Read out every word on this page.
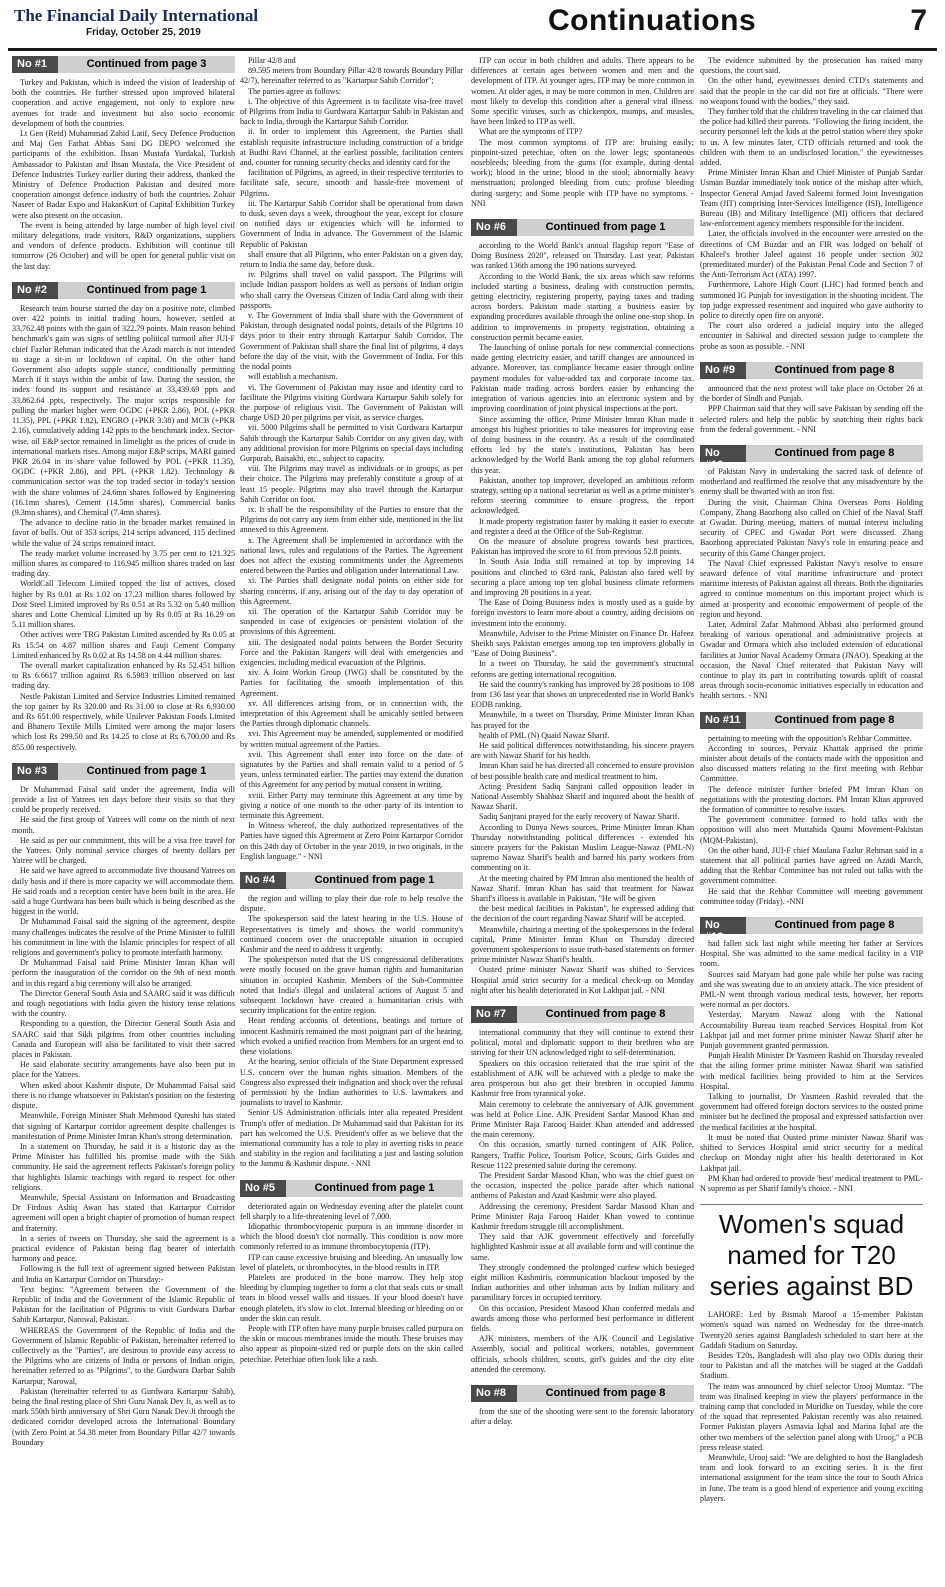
The Financial Daily International
Friday, October 25, 2019	Continuations	7
No #1	Continued from page 3

Turkey and Pakistan, which is indeed the vision of leadership of both the countries. He further stressed upon improved bilateral cooperation and active engagement, not only to explore new avenues for trade and investment but also socio economic development of both the countries.

Lt Gen (Retd) Muhammad Zahid Latif, Secy Defence Production and Maj Gen Farhat Abbas Sani DG DEPO welcomed the participants of the exhibition. Ihsan Mustafa Yurdakal, Turkish Ambassador to Pakistan and Ihsan Mustafa, the Vice President of Defence Industries Turkey earlier during their address, thanked the Ministry of Defence Production Pakistan and desired more cooperation amongst defence industry of both the countries. Zohair Naseer of Badar Expo and HakanKurt of Capital Exhibition Turkey were also present on the occasion.

The event is being attended by large number of high level civil military delegations, trade visitors, R&D organizations, suppliers and vendors of defence products. Exhibition will continue till tomorrow (26 October) and will be open for general public visit on the last day.

No #2	Continued from page 1

Research team bourse started the day on a positive note, climbed over 422 points in initial trading hours, however, settled at 33,762.48 points with the gain of 322.79 points. Main reason behind benchmark's gain was signs of settling political turmoil after JUI-F chief Fazlur Rehman indicated that the Azadi march is not intended to stage a sit-in or lockdown of capital. On the other hand Government also adopts supple stance, conditionally permitting March if it stays within the ambit of law. During the session, the index found its support and resistance at 33,439.69 ppts and 33,862.64 ppts, respectively. The major scrips responsible for pulling the market higher were OGDC (+PKR 2.86), POL (+PKR 11.35), PPL (+PKR 1.82), ENGRO (+PKR 3.38) and MCB (+PKR 2.16), cumulatively adding 142 ppts to the benchmark index. Sector-wise, oil E&P sector remained in limelight as the prices of crude in international markets rises. Among major E&P scrips, MARI gained PKR 26.04 in its share value followed by POL (+PKR 11.35), OGDC (+PKR 2.86), and PPL (+PKR 1.82). Technology & communication sector was the top traded sector in today's session with the share volumes of 24.6mn shares followed by Engineering (16.1mn shares), Cement (14.5mn shares), Commercial banks (9.3mn shares), and Chemical (7.4mn shares).

The advance to decline ratio in the broader market remained in favor of bulls. Out of 353 scrips, 214 scrips advanced, 115 declined while the value of 24 scrips remained intact.

The ready market volume increased by 3.75 per cent to 121.325 million shares as compared to 116.945 million shares traded on last trading day.

WorldCall Telecom Limited topped the list of actives, closed higher by Rs 0.01 at Rs 1.02 on 17.23 million shares followed by Dost Steel Limited improved by Rs 0.51 at Rs 5.32 on 5.40 million shares and Lotte Chemical Limited up by Rs 0.05 at Rs 16.29 on 5.11 million shares.

Other actives were TRG Pakistan Limited ascended by Rs 0.05 at Rs 15.54 on 4.87 million shares and Fauji Cement Company Limited enhanced by Rs 0.02 at Rs 14.58 on 4.44 million shares.

The overall market capitalization enhanced by Rs 52.451 billion to Rs 6.6617 trillion against Rs 6.5983 trillion observed on last trading day.

Nestle Pakistan Limited and Service Industries Limited remained the top gainer by Rs 320.00 and Rs 31.00 to close at Rs 6,930.00 and Rs 651.00 respectively, while Unilever Pakistan Foods Limited and Bhanero Textile Mills Limited were among the major losers which lost Rs 299.50 and Rs 14.25 to close at Rs 6,700.00 and Rs 855.00 respectively.

No #3	Continued from page 1

Dr Muhammad Faisal said under the agreement, India will provide a list of Yatrees ten days before their visits so that they could be properly received.

He said the first group of Yatrees will come on the ninth of next month.

He said as per our commitment, this will be a visa free travel for the Yatrees. Only nominal service charges of twenty dollars per Yatree will be charged.

He said we have agreed to accommodate five thousand Yatrees on daily basis and if there is more capacity we will accommodate them. He said roads and a reception center have been built in the area. He said a huge Gurdwara has been built which is being described as the biggest in the world.

Dr Muhammad Faisal said the signing of the agreement, despite many challenges indicates the resolve of the Prime Minister to fulfill his commitment in line with the Islamic principles for respect of all religions and government's policy to promote interfaith harmony.

Dr Muhammad Faisal said Prime Minister Imran Khan will perform the inauguration of the corridor on the 9th of next month and in this regard a big ceremony will also be arranged.

The Director General South Asia and SAARC said it was difficult and tough negotiations with India given the history tense relations with the country.

Responding to a question, the Director General South Asia and SAARC said that Sikh pilgrims from other countries including Canada and European will also be facilitated to visit their sacred places in Pakistan.

He said elaborate security arrangements have also been put in place for the Yatrees.

When asked about Kashmir dispute, Dr Muhammad Faisal said there is no change whatsoever in Pakistan's position on the festering dispute.

Meanwhile, Foreign Minister Shah Mehmood Qureshi has stated that signing of Kartarpur corridor agreement despite challenges is manifestation of Prime Minister Imran Khan's strong determination.

In a statement on Thursday, he said it is a historic day as the Prime Minister has fulfilled his promise made with the Sikh community. He said the agreement reflects Pakistan's foreign policy that highlights Islamic teachings with regard to respect for other religions.

Meanwhile, Special Assistant on Information and Broadcasting Dr Firdous Ashiq Awan has stated that Kartarpur Corridor agreement will open a bright chapter of promotion of human respect and fraternity.

In a series of tweets on Thursday, she said the agreement is a practical evidence of Pakistan being flag bearer of interfaith harmony and peace.

Following is the full text of agreement signed between Pakistan and India on Kartarpur Corridor on Thursday:-

Text begins: "Agreement between the Government of the Republic of India and the Government of the Islamic Republic of Pakistan for the facilitation of Pilgrims to visit Gurdwara Darbar Sahib Kartarpur, Narowal, Pakistan.

WHEREAS the Government of the Republic of India and the Government of Islamic Republic of Pakistan, hereinafter referred to collectively as the "Parties", are desirous to provide easy access to the Pilgrims who are citizens of India or persons of Indian origin, hereinafter referred to as "Pilgrims", to the Gurdwara Darbar Sahib Kartarpur, Narowal,

Pakistan (hereinafter referred to as Gurdwara Kartarpur Sahib), being the final resting place of Shri Guru Nanak Dev Ji, as well as to mark 550th birth anniversary of Shri Guru Nanak Dev Ji through the dedicated corridor developed across the International Boundary (with Zero Point at 54.38 meter from Boundary Pillar 42/7 towards Boundary

Pillar 42/8 and

89.595 meters from Boundary Pillar 42/8 towards Boundary Pillar 42/7), hereinafter referred to as "Kartarpur Sahib Corridor";

The parties agree as follows:

i. The objective of this Agreement is to facilitate visa-free travel of Pilgrims from India to Gurdwara Kartarpur Sahib in Pakistan and back to India, through the Kartarpur Sahib Corridor.

ii. In order to implement this Agreement, the Parties shall establish requisite infrastructure including construction of a bridge at Budhi Ravi Channel, at the earliest possible, facilitation centers and, counter for running security checks and identity card for the

facilitation of Pilgrims, as agreed, in their respective territories to facilitate safe, secure, smooth and hassle-free movement of Pilgrims.

iii. The Kartarpur Sahib Corridor shall be operational from dawn to dusk, seven days a week, throughout the year, except for closure on notified days or exigencies which will be informed to Government of India in advance. The Government of the Islamic Republic of Pakistan

shall ensure that all Pilgrims, who enter Pakistan on a given day, return to India the same day, before dusk.

iv. Pilgrims shall travel on valid passport. The Pilgrims will include Indian passport holders as well as persons of Indian origin who shall carry the Overseas Citizen of India Card along with their passports.

v. The Government of India shall share with the Government of Pakistan, through designated nodal points, details of the Pilgrims 10 days prior to their entry through Kartarpur Sahib Corridor. The Government of Pakistan shall share the final list of pilgrims, 4 days before the day of the visit, with the Government of India. For this the nodal points

will establish a mechanism.

vi. The Government of Pakistan may issue and identity card to facilitate the Pilgrims visiting Gurdwara Kartarpur Sahib solely for the purpose of religious visit. The Government of Pakistan will charge USD 20 per pilgrims per visit, as service charges.

vii. 5000 Pilgrims shall be permitted to visit Gurdwara Kartarpur Sahib through the Kartarpur Sahib Corridor on any given day, with any additional provision for more Pilgrims on special days including Gurpurab, Baisakhi, etc., subject to capacity.

viii. The Pilgrims may travel as individuals or in groups, as per their choice. The Pilgrims may preferably constitute a group of at least 15 people. Pilgrims may also travel through the Kartarpur Sahib Corridor on foot.

ix. It shall be the responsibility of the Parties to ensure that the Pilgrims do not carry any item from either side, mentioned in the list annexed to this Agreement.

x. The Agreement shall be implemented in accordance with the national laws, rules and regulations of the Parties. The Agreement does not affect the existing commitments under the Agreements entered between the Parties and obligation under International Law.

xi. The Parties shall designate nodal points on either side for sharing concerns, if any, arising out of the day to day operation of this Agreement.

xii. The operation of the Kartarpur Sahib Corridor may be suspended in case of exigencies or persistent violation of the provisions of this Agreement.

xiii. The designated nodal points between the Border Security Force and the Pakistan Rangers will deal with emergencies and exigencies, including medical evacuation of the Pilgrims.

xiv. A Joint Workin Group (JWG) shall be constituted by the Parties for facilitating the smooth implementation of this Agreement.

xv. All differences arising from, or in connection with, the interpretation of this Agreement shall be amicably settled between the Parties through diplomatic channels.

xvi. This Agreement may be amended, supplemented or modified by written mutual agreement of the Parties.

xvii. This Agreement shall enter into force on the date of signatures by the Parties and shall remain valid to a period of 5 years, unless terminated earlier. The parties may extend the duration of this Agreement for any period by mutual consent in writing.

xviii. Either Party may terminate this Agreement at any time by giving a notice of one month to the other party of its intention to terminate this Agreement.

In Witness whereof, the duly authorized representatives of the Parties have signed this Agreement at Zero Point Kartarpur Corridor on this 24th day of October in the year 2019, in two originals, in the English language." - NNI

No #4	Continued from page 1

the region and willing to play their due role to help resolve the dispute.

The spokesperson said the latest hearing in the U.S. House of Representatives is timely and shows the world community's continued concern over the unacceptable situation in occupied Kashmir and the need to address it urgently.

The spokesperson noted that the US congressional deliberations were mostly focused on the grave human rights and humanitarian situation in occupied Kashmir. Members of the Sub-Committee noted that India's illegal and unilateral actions of August 5 and subsequent lockdown have created a humanitarian crisis with security implications for the entire region.

Heart rending accounts of detentions, beatings and torture of innocent Kashmiris remained the most poignant part of the hearing, which evoked a unified reaction from Members for an urgent end to these violations.

At the hearing, senior officials of the State Department expressed U.S. concern over the human rights situation. Members of the Congress also expressed their indignation and shock over the refusal of permission by the Indian authorities to U.S. lawmakers and journalists to travel to Kashmir.

Senior US Administration officials inter alia repeated President Trump's offer of mediation. Dr Muhammad said that Pakistan for its part has welcomed the U.S. President's offer as we believe that the international community has a role to play in averting risks to peace and stability in the region and facilitating a just and lasting solution to the Jammu & Kashmir dispute. - NNI

No #5	Continued from page 1

deteriorated again on Wednesday evening after the platelet count fell sharply to a life-threatening level of 7,000.

Idiopathic thrombocytopenic purpura is an immune disorder in which the blood doesn't clot normally. This condition is now more commonly referred to as immune thrombocytopenia (ITP).

ITP can cause excessive bruising and bleeding. An unusually low level of platelets, or thrombocytes, in the blood results in ITP.

Platelets are produced in the bone marrow. They help stop bleeding by clumping together to form a clot that seals cuts or small tears in blood vessel walls and tissues. If your blood doesn't have enough platelets, it's slow to clot. Internal bleeding or bleeding on or under the skin can result.

People with ITP often have many purple bruises called purpura on the skin or mucous membranes inside the mouth. These bruises may also appear as pinpoint-sized red or purple dots on the skin called petechiae. Petechiae often look like a rash.

ITP can occur in both children and adults. There appears to be differences at certain ages between women and men and the development of ITP. At younger ages, ITP may be more common in women. At older ages, it may be more common in men. Children are most likely to develop this condition after a general viral illness. Some specific viruses, such as chickenpox, mumps, and measles, have been linked to ITP as well.

What are the symptoms of ITP?

The most common symptoms of ITP are: bruising easily; pinpoint-sized petechiae, often on the lower legs; spontaneous nosebleeds; bleeding from the gums (for example, during dental work); blood in the urine; blood in the stool; abnormally heavy menstruation; prolonged bleeding from cuts; profuse bleeding during surgery; and Some people with ITP have no symptoms. - NNI

No #6	Continued from page 1

according to the World Bank's annual flagship report "Ease of Doing Business 2020", released on Thursday. Last year, Pakistan was ranked 136th among the 190 nations surveyed.

According to the World Bank, the six areas which saw reforms included starting a business, dealing with construction permits, getting electricity, registering property, paying taxes and trading across borders. Pakistan made starting a business easier by expanding procedures available through the online one-stop shop. In addition to improvements in property registration, obtaining a construction permit became easier.

The launching of online portals for new commercial connections made getting electricity easier, and tariff changes are announced in advance. Moreover, tax compliance became easier through online payment modules for value-added tax and corporate income tax. Pakistan made trading across borders easier by enhancing the integration of various agencies into an electronic system and by improving coordination of joint physical inspections at the port.

Since assuming the office, Prime Minister Imran Khan made it amongst his highest priorities to take measures for improving ease of doing business in the country. As a result of the coordinated efforts led by the state's institutions, Pakistan has been acknowledged by the World Bank among the top global reformers this year.

Pakistan, another top improver, developed an ambitious reform strategy, setting up a national secretariat as well as a prime minister's reform steering committee to ensure progress, the report acknowledged.

It made property registration faster by making it easier to execute and register a deed at the Office of the Sub-Registrar.

On the measure of absolute progress towards best practices, Pakistan has improved the score to 61 from previous 52.8 points.

In South Asia India still remained at top by improving 14 positions and clinched to 63rd rank, Pakistan also fared well by securing a place among top ten global business climate reformers and improving 28 positions in a year.

The Ease of Doing Business index is mostly used as a guide by foreign investors to learn more about a country, aiding decisions on investment into the economy.

Meanwhile, Adviser to the Prime Minister on Finance Dr. Hafeez Sheikh says Pakistan emerges among top ten improvers globally in "Ease of Doing Business".

In a tweet on Thursday, he said the government's structural reforms are getting international recognition.

He said the country's ranking has improved by 28 positions to 108 from 136 last year that shows an unprecedented rise in World Bank's EODB ranking.

Meanwhile, in a tweet on Thursday, Prime Minister Imran Khan has prayed for the

health of PML (N) Quaid Nawaz Sharif.

He said political differences notwithstanding, his sincere prayers are with Nawaz Sharif for his health.

Imran Khan said he has directed all concerned to ensure provision of best possible health care and medical treatment to him.

Acting President Sadiq Sanjrani called opposition leader in National Assembly Shahbaz Sharif and inquired about the health of Nawaz Sharif.

Sadiq Sanjrani prayed for the early recovery of Nawaz Sharif.

According to Dunya News sources, Prime Minister Imran Khan Thursday notwithstanding political differences - extended his sincere prayers for the Pakistan Muslim League-Nawaz (PML-N) supremo Nawaz Sharif's health and barred his party workers from commenting on it.

At the meeting chaired by PM Imran also mentioned the health of Nawaz Sharif. Imran Khan has said that treatment for Nawaz Sharif's illness is available in Pakistan. "He will be given

the best medical facilities in Pakistan", he expressed adding that the decision of the court regarding Nawaz Sharif will be accepted.

Meanwhile, chairing a meeting of the spokespersons in the federal capital, Prime Minister Imran Khan on Thursday directed government spokespersons to issue truth-based statements on former prime minister Nawaz Sharif's health.

Ousted prime minister Nawaz Sharif was shifted to Services Hospital amid strict security for a medical check-up on Monday night after his health deteriorated in Kot Lakhpat jail. - NNI

No #7	Continued from page 8

international community that they will continue to extend their political, moral and diplomatic support to their brethren who are striving for their UN acknowledged right to self-determination.

Speakers on this occasion reiterated that the true spirit of the establishment of AJK will be achieved with a pledge to make the area prosperous but also get their brethren in occupied Jammu Kashmir free from tyrannical yoke.

Main ceremony to celebrate the anniversary of AJK government was held at Police Line. AJK President Sardar Masood Khan and Prime Minister Raja Farooq Haider Khan attended and addressed the main ceremony.

On this occasion, smartly turned contingent of AJK Police, Rangers, Traffic Police, Tourism Police, Scouts, Girls Guides and Rescue 1122 presented salute during the ceremony.

The President Sardar Masood Khan, who was the chief guest on the occasion, inspected the police parade after which national anthems of Pakistan and Azad Kashmir were also played.

Addressing the ceremony, President Sardar Masood Khan and Prime Minister Raja Farooq Haider Khan vowed to continue Kashmir freedom struggle till accomplishment.

They said that AJK government effectively and forcefully highlighted Kashmir issue at all available form and will continue the same.

They strongly condemned the prolonged curfew which besieged eight million Kashmiris, communication blackout imposed by the Indian authorities and other inhuman acts by Indian military and paramilitary forces in occupied territory.

On this occasion, President Masood Khan conferred medals and awards among those who performed best performance in different fields.

AJK ministers, members of the AJK Council and Legislative Assembly, social and political workers, notables, government officials, schools children, scouts, girl's guides and the city elite attended the ceremony.

No #8	Continued from page 8

from the site of the shooting were sent to the forensic laboratory after a delay.

The evidence submitted by the prosecution has raised many questions, the court said.

On the other hand, eyewitnesses denied CTD's statements and said that the people in the car did not fire at officials. "There were no weapons found with the bodies," they said.

They further told that the children traveling in the car claimed that the police had killed their parents. "Following the firing incident, the security personnel left the kids at the petrol station where they spoke to us. A few minutes later, CTD officials returned and took the children with them to an undisclosed location," the eyewitnesses added.

Prime Minister Imran Khan and Chief Minister of Punjab Sardar Usman Buzdar immediately took notice of the mishap after which, Inspector General Amjad Javed Saleemi formed Joint Investigation Team (JIT) comprising Inter-Services Intelligence (ISI), Intelligence Bureau (IB) and Military Intelligence (MI) officers that declared law-enforcement agency members responsible for the incident.

Later, the officials involved in the encounter were arrested on the directions of CM Buzdar and an FIR was lodged on behalf of Khaleel's brother Jaleel against 16 people under section 302 (premeditated murder) of the Pakistan Penal Code and Section 7 of the Anti-Terrorism Act (ATA) 1997.

Furthermore, Lahore High Court (LHC) had formed bench and summoned IG Punjab for investigation in the shooting incident. The top judge expressed resentment and inquired who gave authority to police to directly open fire on anyone.

The court also ordered a judicial inquiry into the alleged encounter in Sahiwal and directed session judge to complete the probe as soon as possible. - NNI

No #9	Continued from page 8

announced that the next protest will take place on October 26 at the border of Sindh and Punjab.

PPP Chairman said that they will save Pakistan by sending off the selected rulers and help the public by snatching their rights back from the federal government. - NNI

No #10
Continued from page 8

of Pakistan Navy in undertaking the sacred task of defence of motherland and reaffirmed the resolve that any misadventure by the enemy shall be thwarted with an iron fist.

During the visit, Chairman China Overseas Ports Holding Company, Zhang Baozhong also called on Chief of the Naval Staff at Gwadar. During meeting, matters of mutual interest including security of CPEC and Gwadar Port were discussed. Zhang Baozhong appreciated Pakistan Navy's role in ensuring peace and security of this Game Changer project.

The Naval Chief expressed Pakistan Navy's resolve to ensure seaward defence of vital maritime infrastructure and protect maritime interests of Pakistan against all threats. Both the dignitaries agreed to continue momentum on this important project which is aimed at prosperity and economic empowerment of people of the region and beyond.

Later, Admiral Zafar Mahmood Abbasi also performed ground breaking of various operational and administrative projects at Gwadar and Ormara which also included extension of educational facilities at Junior Naval Academy Ormara (JNAO). Speaking at the occasion, the Naval Chief reiterated that Pakistan Navy will continue to play its part in contributing towards uplift of coastal areas through socio-economic initiatives especially in education and health sectors. - NNI

No #11	Continued from page 8

pertaining to meeting with the opposition's Rehbar Committee.

According to sources, Pervaiz Khattak apprised the prime minister about details of the contacts made with the opposition and also discussed matters relating to the first meeting with Rehbar Committee.

The defence minister further briefed PM Imran Khan on negotiations with the protesting doctors. PM Imran Khan approved the formation of committee to resolve issues.

The government committee formed to hold talks with the opposition will also meet Muttahida Qaumi Movement-Pakistan (MQM-Pakistan).

On the other hand, JUI-F chief Maulana Fazlur Rehman said in a statement that all political parties have agreed on Azadi March, adding that the Rehbar Committee has not ruled out talks with the government committee.

He said that the Rehbar Committee will meeting government committee today (Friday). -NNI

No #12
Continued from page 8

had fallen sick last night while meeting her father at Services Hospital. She was admitted to the same medical facility in a VIP room.

Sources said Maryam had gone pale while her pulse was racing and she was sweating due to an anxiety attack. The vice president of PML-N went through various medical tests, however, her reports were normal as per doctors.

Yesterday, Maryam Nawaz along with the National Accountability Bureau team reached Services Hospital from Kot Lakhpat jail and met former prime minister Nawaz Sharif after he Punjab government granted permission.

Punjab Health Minister Dr Yasmeen Rashid on Thursday revealed that the ailing former prime minister Nawaz Sharif was satisfied with medical facilities being provided to him at the Services Hospital.

Talking to journalist, Dr Yasmeen Rashid revealed that the government had offered foreign doctors services to the ousted prime minister but he declined the proposal and expressed satisfaction over the medical facilities at the hospital.

It must be noted that Ousted prime minister Nawaz Sharif was shifted to Services Hospital amid strict security for a medical checkup on Monday night after his health deteriorated in Kot Lakhpat jail.

PM Khan had ordered to provide 'best' medical treatment to PML-N supremo as per Sharif family's choice. - NNI

Women's squad named for T20 series against BD

LAHORE: Led by Bismah Maroof a 15-member Pakistan women's squad was named on Wednesday for the three-match Twenty20 series against Bangladesh scheduled to start here at the Gaddafi Stadium on Saturday.

Besides T20s, Bangladesh will also play two ODIs during their tour to Pakistan and all the matches will be staged at the Gaddafi Stadium.

The team was announced by chief selector Urooj Mumtaz. "The team was finalised keeping in view the players' performance in the training camp that concluded in Muridke on Tuesday, while the core of the squad that represented Pakistan recently was also retained. Former Pakistan players Asmavia Iqbal and Marina Iqbal are the other two members of the selection panel along with Urooj," a PCB press release stated.

Meanwhile, Urooj said: "We are delighted to host the Bangladesh team and look forward to an exciting series. It is the first international assignment for the team since the tour to South Africa in June. The team is a good blend of experience and young exciting players.
